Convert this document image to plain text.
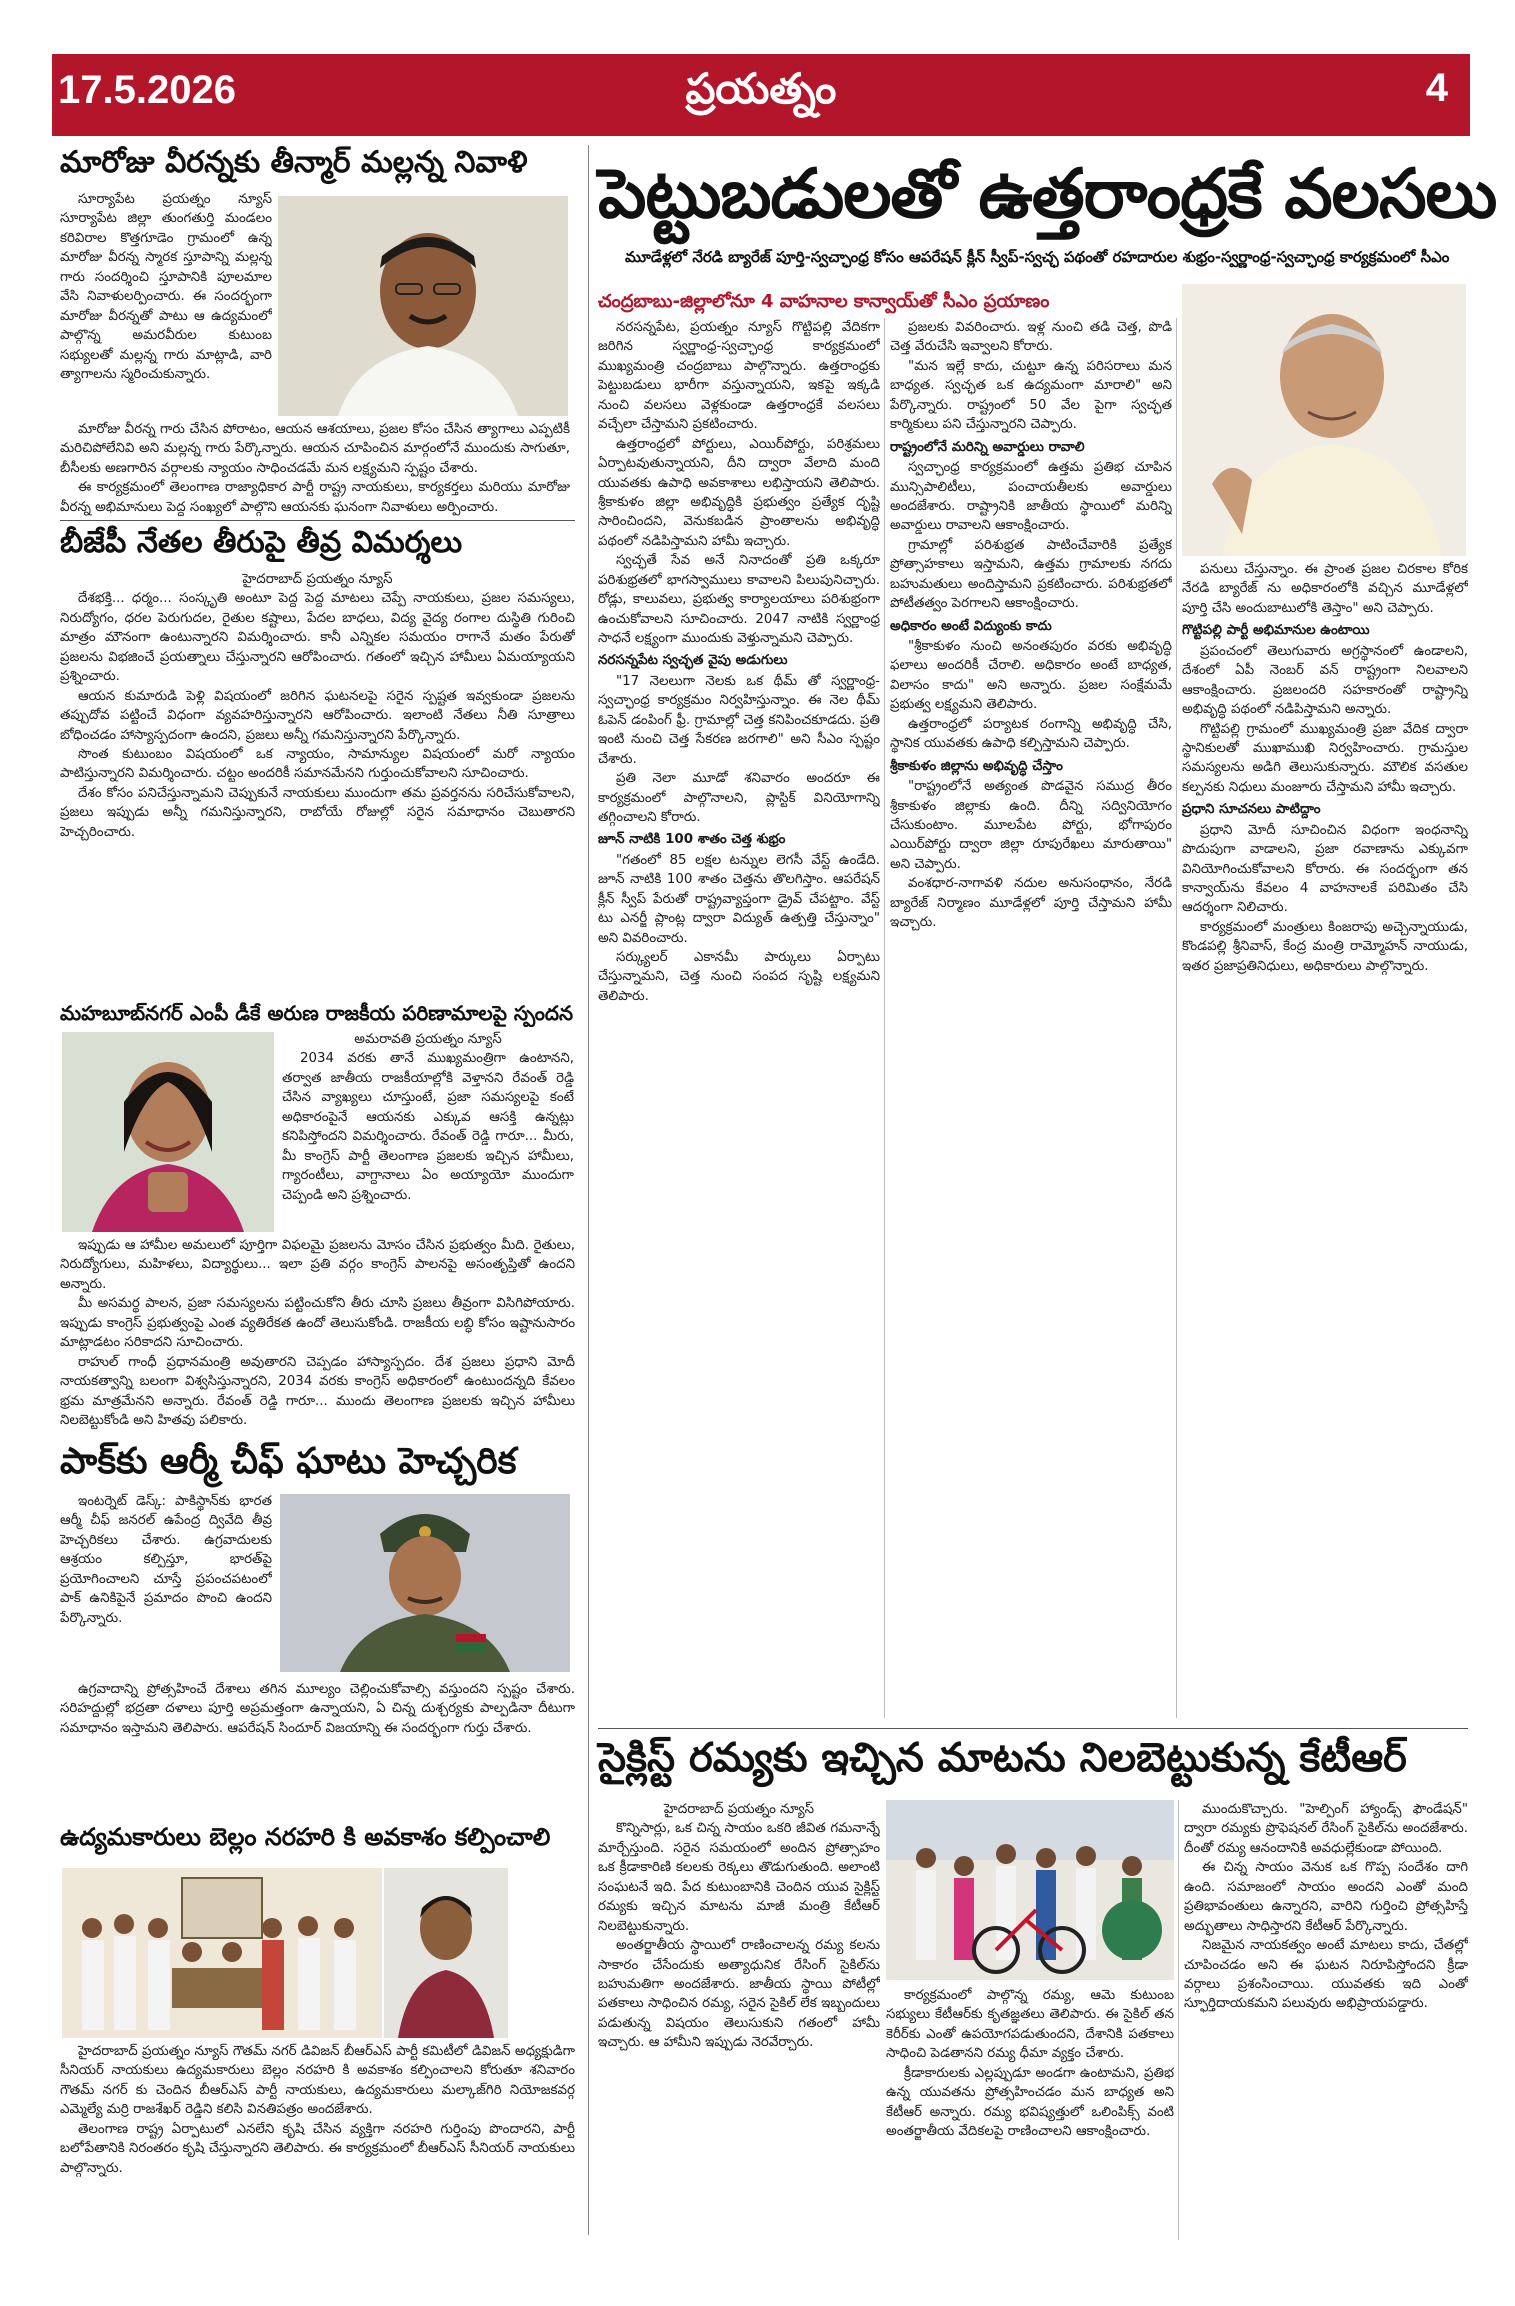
17.5.2026	ప్రయత్నం	4
మారోజు వీరన్నకు తీన్మార్ మల్లన్న నివాళి

సూర్యాపేట ప్రయత్నం న్యూస్ సూర్యాపేట జిల్లా తుంగతుర్తి మండలం కరివిరాల కొత్తగూడెం గ్రామంలో ఉన్న మారోజు వీరన్న స్మారక స్తూపాన్ని మల్లన్న గారు సందర్శించి స్తూపానికి పూలమాల వేసి నివాళులర్పించారు. ఈ సందర్భంగా మారోజు వీరన్నతో పాటు ఆ ఉద్యమంలో పాల్గొన్న అమరవీరుల కుటుంబ సభ్యులతో మల్లన్న గారు మాట్లాడి, వారి త్యాగాలను స్మరించుకున్నారు.

మారోజు వీరన్న గారు చేసిన పోరాటం, ఆయన ఆశయాలు, ప్రజల కోసం చేసిన త్యాగాలు ఎప్పటికీ మరిచిపోలేనివి అని మల్లన్న గారు పేర్కొన్నారు. ఆయన చూపించిన మార్గంలోనే ముందుకు సాగుతూ, బీసీలకు అణగారిన వర్గాలకు న్యాయం సాధించడమే మన లక్ష్యమని స్పష్టం చేశారు.

ఈ కార్యక్రమంలో తెలంగాణ రాజ్యాధికార పార్టీ రాష్ట్ర నాయకులు, కార్యకర్తలు మరియు మారోజు వీరన్న అభిమానులు పెద్ద సంఖ్యలో పాల్గొని ఆయనకు ఘనంగా నివాళులు అర్పించారు.

బీజేపీ నేతల తీరుపై తీవ్ర విమర్శలు

హైదరాబాద్ ప్రయత్నం న్యూస్

దేశభక్తి... ధర్మం... సంస్కృతి అంటూ పెద్ద పెద్ద మాటలు చెప్పే నాయకులు, ప్రజల సమస్యలు, నిరుద్యోగం, ధరల పెరుగుదల, రైతుల కష్టాలు, పేదల బాధలు, విద్య వైద్య రంగాల దుస్థితి గురించి మాత్రం మౌనంగా ఉంటున్నారని విమర్శించారు. కానీ ఎన్నికల సమయం రాగానే మతం పేరుతో ప్రజలను విభజించే ప్రయత్నాలు చేస్తున్నారని ఆరోపించారు. గతంలో ఇచ్చిన హామీలు ఏమయ్యాయని ప్రశ్నించారు.

ఆయన కుమారుడి పెళ్లి విషయంలో జరిగిన ఘటనలపై సరైన స్పష్టత ఇవ్వకుండా ప్రజలను తప్పుదోవ పట్టించే విధంగా వ్యవహరిస్తున్నారని ఆరోపించారు. ఇలాంటి నేతలు నీతి సూత్రాలు బోధించడం హాస్యాస్పదంగా ఉందని, ప్రజలు అన్నీ గమనిస్తున్నారని పేర్కొన్నారు.

సొంత కుటుంబం విషయంలో ఒక న్యాయం, సామాన్యుల విషయంలో మరో న్యాయం పాటిస్తున్నారని విమర్శించారు. చట్టం అందరికీ సమానమేనని గుర్తుంచుకోవాలని సూచించారు.

దేశం కోసం పనిచేస్తున్నామని చెప్పుకునే నాయకులు ముందుగా తమ ప్రవర్తనను సరిచేసుకోవాలని, ప్రజలు ఇప్పుడు అన్నీ గమనిస్తున్నారని, రాబోయే రోజుల్లో సరైన సమాధానం చెబుతారని హెచ్చరించారు.

మహబూబ్‌నగర్ ఎంపీ డీకే అరుణ రాజకీయ పరిణామాలపై స్పందన

అమరావతి ప్రయత్నం న్యూస్

2034 వరకు తానే ముఖ్యమంత్రిగా ఉంటానని, తర్వాత జాతీయ రాజకీయాల్లోకి వెళ్తానని రేవంత్ రెడ్డి చేసిన వ్యాఖ్యలు చూస్తుంటే, ప్రజా సమస్యలపై కంటే అధికారంపైనే ఆయనకు ఎక్కువ ఆసక్తి ఉన్నట్లు కనిపిస్తోందని విమర్శించారు. రేవంత్ రెడ్డి గారూ... మీరు, మీ కాంగ్రెస్ పార్టీ తెలంగాణ ప్రజలకు ఇచ్చిన హామీలు, గ్యారంటీలు, వాగ్దానాలు ఏం అయ్యాయో ముందుగా చెప్పండి అని ప్రశ్నించారు.

ఇప్పుడు ఆ హామీల అమలులో పూర్తిగా విఫలమై ప్రజలను మోసం చేసిన ప్రభుత్వం మీది. రైతులు, నిరుద్యోగులు, మహిళలు, విద్యార్థులు... ఇలా ప్రతి వర్గం కాంగ్రెస్ పాలనపై అసంతృప్తితో ఉందని అన్నారు.

మీ అసమర్థ పాలన, ప్రజా సమస్యలను పట్టించుకోని తీరు చూసి ప్రజలు తీవ్రంగా విసిగిపోయారు. ఇప్పుడు కాంగ్రెస్ ప్రభుత్వంపై ఎంత వ్యతిరేకత ఉందో తెలుసుకోండి. రాజకీయ లబ్ధి కోసం ఇష్టానుసారం మాట్లాడటం సరికాదని సూచించారు.

రాహుల్ గాంధీ ప్రధానమంత్రి అవుతారని చెప్పడం హాస్యాస్పదం. దేశ ప్రజలు ప్రధాని మోదీ నాయకత్వాన్ని బలంగా విశ్వసిస్తున్నారని, 2034 వరకు కాంగ్రెస్ అధికారంలో ఉంటుందన్నది కేవలం భ్రమ మాత్రమేనని అన్నారు. రేవంత్ రెడ్డి గారూ... ముందు తెలంగాణ ప్రజలకు ఇచ్చిన హామీలు నిలబెట్టుకోండి అని హితవు పలికారు.

పాక్‌కు ఆర్మీ చీఫ్ ఘాటు హెచ్చరిక

ఇంటర్నెట్ డెస్క్: పాకిస్థాన్‌కు భారత ఆర్మీ చీఫ్ జనరల్ ఉపేంద్ర ద్వివేది తీవ్ర హెచ్చరికలు చేశారు. ఉగ్రవాదులకు ఆశ్రయం కల్పిస్తూ, భారత్‌పై ప్రయోగించాలని చూస్తే ప్రపంచపటంలో పాక్ ఉనికిపైనే ప్రమాదం పొంచి ఉందని పేర్కొన్నారు.

ఉగ్రవాదాన్ని ప్రోత్సహించే దేశాలు తగిన మూల్యం చెల్లించుకోవాల్సి వస్తుందని స్పష్టం చేశారు. సరిహద్దుల్లో భద్రతా దళాలు పూర్తి అప్రమత్తంగా ఉన్నాయని, ఏ చిన్న దుశ్చర్యకు పాల్పడినా దీటుగా సమాధానం ఇస్తామని తెలిపారు. ఆపరేషన్ సిందూర్ విజయాన్ని ఈ సందర్భంగా గుర్తు చేశారు.

ఉద్యమకారులు బెల్లం నరహరి కి అవకాశం కల్పించాలి

హైదరాబాద్ ప్రయత్నం న్యూస్ గౌతమ్ నగర్ డివిజన్ బీఆర్ఎస్ పార్టీ కమిటీలో డివిజన్ అధ్యక్షుడిగా సీనియర్ నాయకులు ఉద్యమకారులు బెల్లం నరహరి కి అవకాశం కల్పించాలని కోరుతూ శనివారం గౌతమ్ నగర్ కు చెందిన బీఆర్ఎస్ పార్టీ నాయకులు, ఉద్యమకారులు మల్కాజ్‌గిరి నియోజకవర్గ ఎమ్మెల్యే మర్రి రాజశేఖర్ రెడ్డిని కలిసి వినతిపత్రం అందజేశారు.

తెలంగాణ రాష్ట్ర ఏర్పాటులో ఎనలేని కృషి చేసిన వ్యక్తిగా నరహరి గుర్తింపు పొందారని, పార్టీ బలోపేతానికి నిరంతరం కృషి చేస్తున్నారని తెలిపారు. ఈ కార్యక్రమంలో బీఆర్ఎస్ సీనియర్ నాయకులు పాల్గొన్నారు.

పెట్టుబడులతో ఉత్తరాంధ్రకే వలసలు
మూడేళ్లలో నేరడి బ్యారేజ్ పూర్తి-స్వచ్ఛాంధ్ర కోసం ఆపరేషన్ క్లీన్ స్వీప్-స్వచ్ఛ పథంతో రహదారుల శుభ్రం-స్వర్ణాంధ్ర-స్వచ్ఛాంధ్ర కార్యక్రమంలో సీఎం
చంద్రబాబు-జిల్లాలోనూ 4 వాహనాల కాన్వాయ్‌తో సీఎం ప్రయాణం

నరసన్నపేట, ప్రయత్నం న్యూస్ గొట్టిపల్లి వేదికగా జరిగిన స్వర్ణాంధ్ర-స్వచ్ఛాంధ్ర కార్యక్రమంలో ముఖ్యమంత్రి చంద్రబాబు పాల్గొన్నారు. ఉత్తరాంధ్రకు పెట్టుబడులు భారీగా వస్తున్నాయని, ఇకపై ఇక్కడి నుంచి వలసలు వెళ్లకుండా ఉత్తరాంధ్రకే వలసలు వచ్చేలా చేస్తామని ప్రకటించారు.

ఉత్తరాంధ్రలో పోర్టులు, ఎయిర్‌పోర్టు, పరిశ్రమలు ఏర్పాటవుతున్నాయని, దీని ద్వారా వేలాది మంది యువతకు ఉపాధి అవకాశాలు లభిస్తాయని తెలిపారు. శ్రీకాకుళం జిల్లా అభివృద్ధికి ప్రభుత్వం ప్రత్యేక దృష్టి సారించిందని, వెనుకబడిన ప్రాంతాలను అభివృద్ధి పథంలో నడిపిస్తామని హామీ ఇచ్చారు.

స్వచ్ఛతే సేవ అనే నినాదంతో ప్రతి ఒక్కరూ పరిశుభ్రతలో భాగస్వాములు కావాలని పిలుపునిచ్చారు. రోడ్లు, కాలువలు, ప్రభుత్వ కార్యాలయాలు పరిశుభ్రంగా ఉంచుకోవాలని సూచించారు. 2047 నాటికి స్వర్ణాంధ్ర సాధనే లక్ష్యంగా ముందుకు వెళ్తున్నామని చెప్పారు.

నరసన్నపేట స్వచ్ఛత వైపు అడుగులు

"17 నెలలుగా నెలకు ఒక థీమ్ తో స్వర్ణాంధ్ర-స్వచ్ఛాంధ్ర కార్యక్రమం నిర్వహిస్తున్నాం. ఈ నెల థీమ్ ఓపెన్ డంపింగ్ ఫ్రీ. గ్రామాల్లో చెత్త కనిపించకూడదు. ప్రతి ఇంటి నుంచి చెత్త సేకరణ జరగాలి" అని సీఎం స్పష్టం చేశారు.

ప్రతి నెలా మూడో శనివారం అందరూ ఈ కార్యక్రమంలో పాల్గొనాలని, ప్లాస్టిక్ వినియోగాన్ని తగ్గించాలని కోరారు.

జూన్ నాటికి 100 శాతం చెత్త శుభ్రం

"గతంలో 85 లక్షల టన్నుల లెగసీ వేస్ట్ ఉండేది. జూన్ నాటికి 100 శాతం చెత్తను తొలగిస్తాం. ఆపరేషన్ క్లీన్ స్వీప్ పేరుతో రాష్ట్రవ్యాప్తంగా డ్రైవ్ చేపట్టాం. వేస్ట్ టు ఎనర్జీ ప్లాంట్ల ద్వారా విద్యుత్ ఉత్పత్తి చేస్తున్నాం" అని వివరించారు.

సర్క్యులర్ ఎకానమీ పార్కులు ఏర్పాటు చేస్తున్నామని, చెత్త నుంచి సంపద సృష్టి లక్ష్యమని తెలిపారు.

ప్రజలకు వివరించారు. ఇళ్ల నుంచి తడి చెత్త, పొడి చెత్త వేరుచేసి ఇవ్వాలని కోరారు.

"మన ఇల్లే కాదు, చుట్టూ ఉన్న పరిసరాలు మన బాధ్యత. స్వచ్ఛత ఒక ఉద్యమంగా మారాలి" అని పేర్కొన్నారు. రాష్ట్రంలో 50 వేల పైగా స్వచ్ఛత కార్మికులు పని చేస్తున్నారని చెప్పారు.

రాష్ట్రంలోనే మరిన్ని అవార్డులు రావాలి

స్వచ్ఛాంధ్ర కార్యక్రమంలో ఉత్తమ ప్రతిభ చూపిన మున్సిపాలిటీలు, పంచాయతీలకు అవార్డులు అందజేశారు. రాష్ట్రానికి జాతీయ స్థాయిలో మరిన్ని అవార్డులు రావాలని ఆకాంక్షించారు.

గ్రామాల్లో పరిశుభ్రత పాటించేవారికి ప్రత్యేక ప్రోత్సాహకాలు ఇస్తామని, ఉత్తమ గ్రామాలకు నగదు బహుమతులు అందిస్తామని ప్రకటించారు. పరిశుభ్రతలో పోటీతత్వం పెరగాలని ఆకాంక్షించారు.

అధికారం అంటే విద్యుంకు కాదు

"శ్రీకాకుళం నుంచి అనంతపురం వరకు అభివృద్ధి ఫలాలు అందరికీ చేరాలి. అధికారం అంటే బాధ్యత, విలాసం కాదు" అని అన్నారు. ప్రజల సంక్షేమమే ప్రభుత్వ లక్ష్యమని తెలిపారు.

ఉత్తరాంధ్రలో పర్యాటక రంగాన్ని అభివృద్ధి చేసి, స్థానిక యువతకు ఉపాధి కల్పిస్తామని చెప్పారు.

శ్రీకాకుళం జిల్లాను అభివృద్ధి చేస్తాం

"రాష్ట్రంలోనే అత్యంత పొడవైన సముద్ర తీరం శ్రీకాకుళం జిల్లాకు ఉంది. దీన్ని సద్వినియోగం చేసుకుంటాం. మూలపేట పోర్టు, భోగాపురం ఎయిర్‌పోర్టు ద్వారా జిల్లా రూపురేఖలు మారుతాయి" అని చెప్పారు.

వంశధార-నాగావళి నదుల అనుసంధానం, నేరడి బ్యారేజ్ నిర్మాణం మూడేళ్లలో పూర్తి చేస్తామని హామీ ఇచ్చారు.

పనులు చేస్తున్నాం. ఈ ప్రాంత ప్రజల చిరకాల కోరిక నేరడి బ్యారేజ్ ను అధికారంలోకి వచ్చిన మూడేళ్లలో పూర్తి చేసి అందుబాటులోకి తెస్తాం" అని చెప్పారు.

గొట్టిపల్లి పార్టీ అభిమానుల ఉంటాయి

ప్రపంచంలో తెలుగువారు అగ్రస్థానంలో ఉండాలని, దేశంలో ఏపీ నెంబర్ వన్ రాష్ట్రంగా నిలవాలని ఆకాంక్షించారు. ప్రజలందరి సహకారంతో రాష్ట్రాన్ని అభివృద్ధి పథంలో నడిపిస్తామని అన్నారు.

గొట్టిపల్లి గ్రామంలో ముఖ్యమంత్రి ప్రజా వేదిక ద్వారా స్థానికులతో ముఖాముఖి నిర్వహించారు. గ్రామస్తుల సమస్యలను అడిగి తెలుసుకున్నారు. మౌలిక వసతుల కల్పనకు నిధులు మంజూరు చేస్తామని హామీ ఇచ్చారు.

ప్రధాని సూచనలు పాటిద్దాం

ప్రధాని మోదీ సూచించిన విధంగా ఇంధనాన్ని పొదుపుగా వాడాలని, ప్రజా రవాణాను ఎక్కువగా వినియోగించుకోవాలని కోరారు. ఈ సందర్భంగా తన కాన్వాయ్‌ను కేవలం 4 వాహనాలకే పరిమితం చేసి ఆదర్శంగా నిలిచారు.

కార్యక్రమంలో మంత్రులు కింజరాపు అచ్చెన్నాయుడు, కొండపల్లి శ్రీనివాస్, కేంద్ర మంత్రి రామ్మోహన్ నాయుడు, ఇతర ప్రజాప్రతినిధులు, అధికారులు పాల్గొన్నారు.

సైక్లిస్ట్ రమ్యకు ఇచ్చిన మాటను నిలబెట్టుకున్న కేటీఆర్

హైదరాబాద్ ప్రయత్నం న్యూస్

కొన్నిసార్లు, ఒక చిన్న సాయం ఒకరి జీవిత గమనాన్నే మార్చేస్తుంది. సరైన సమయంలో అందిన ప్రోత్సాహం ఒక క్రీడాకారిణి కలలకు రెక్కలు తొడుగుతుంది. అలాంటి సంఘటనే ఇది. పేద కుటుంబానికి చెందిన యువ సైక్లిస్ట్ రమ్యకు ఇచ్చిన మాటను మాజీ మంత్రి కేటీఆర్ నిలబెట్టుకున్నారు.

అంతర్జాతీయ స్థాయిలో రాణించాలన్న రమ్య కలను సాకారం చేసేందుకు అత్యాధునిక రేసింగ్ సైకిల్‌ను బహుమతిగా అందజేశారు. జాతీయ స్థాయి పోటీల్లో పతకాలు సాధించిన రమ్య, సరైన సైకిల్ లేక ఇబ్బందులు పడుతున్న విషయం తెలుసుకుని గతంలో హామీ ఇచ్చారు. ఆ హామీని ఇప్పుడు నెరవేర్చారు.

కార్యక్రమంలో పాల్గొన్న రమ్య, ఆమె కుటుంబ సభ్యులు కేటీఆర్‌కు కృతజ్ఞతలు తెలిపారు. ఈ సైకిల్ తన కెరీర్‌కు ఎంతో ఉపయోగపడుతుందని, దేశానికి పతకాలు సాధించి పెడతానని రమ్య ధీమా వ్యక్తం చేశారు.

క్రీడాకారులకు ఎల్లప్పుడూ అండగా ఉంటామని, ప్రతిభ ఉన్న యువతను ప్రోత్సహించడం మన బాధ్యత అని కేటీఆర్ అన్నారు. రమ్య భవిష్యత్తులో ఒలింపిక్స్ వంటి అంతర్జాతీయ వేదికలపై రాణించాలని ఆకాంక్షించారు.

ముందుకొచ్చారు. "హెల్పింగ్ హ్యాండ్స్ ఫౌండేషన్" ద్వారా రమ్యకు ప్రొఫెషనల్ రేసింగ్ సైకిల్‌ను అందజేశారు. దీంతో రమ్య ఆనందానికి అవధుల్లేకుండా పోయింది.

ఈ చిన్న సాయం వెనుక ఒక గొప్ప సందేశం దాగి ఉంది. సమాజంలో సాయం అందని ఎంతో మంది ప్రతిభావంతులు ఉన్నారని, వారిని గుర్తించి ప్రోత్సహిస్తే అద్భుతాలు సాధిస్తారని కేటీఆర్ పేర్కొన్నారు.

నిజమైన నాయకత్వం అంటే మాటలు కాదు, చేతల్లో చూపించడం అని ఈ ఘటన నిరూపిస్తోందని క్రీడా వర్గాలు ప్రశంసించాయి. యువతకు ఇది ఎంతో స్ఫూర్తిదాయకమని పలువురు అభిప్రాయపడ్డారు.
